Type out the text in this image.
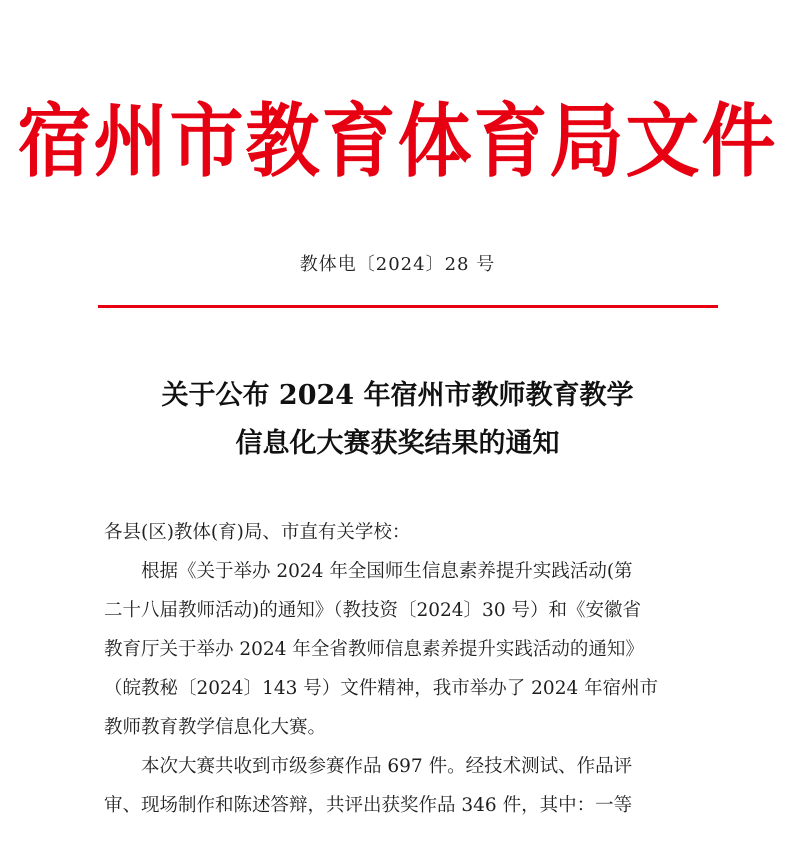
宿州市教育体育局文件
教体电〔2024〕28 号
关于公布 2024 年宿州市教师教育教学
信息化大赛获奖结果的通知

各县(区)教体(育)局、市直有关学校：

根据《关于举办 2024 年全国师生信息素养提升实践活动(第

二十八届教师活动)的通知》（教技资〔2024〕30 号）和《安徽省
教育厅关于举办 2024 年全省教师信息素养提升实践活动的通知》
（皖教秘〔2024〕143 号）文件精神，我市举办了 2024 年宿州市
教师教育教学信息化大赛。

本次大赛共收到市级参赛作品 697 件。经技术测试、作品评

审、现场制作和陈述答辩，共评出获奖作品 346 件，其中：一等
